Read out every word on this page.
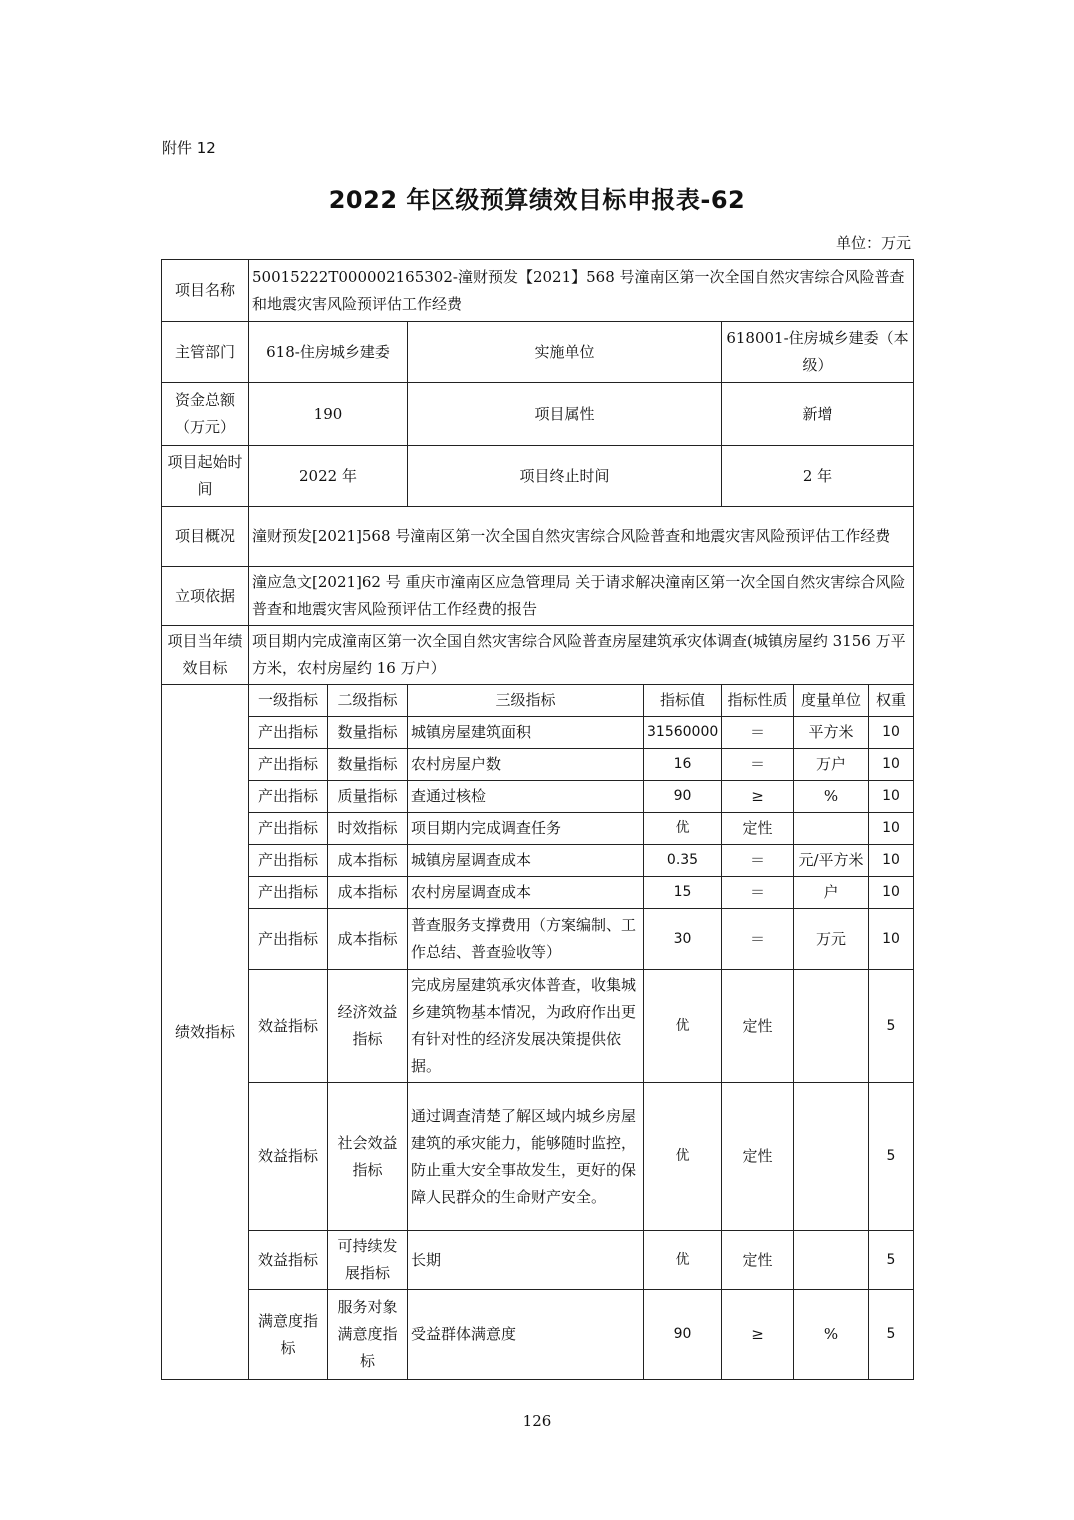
附件 12
2022 年区级预算绩效目标申报表-62
单位：万元
项目名称	50015222T000002165302-潼财预发【2021】568 号潼南区第一次全国自然灾害综合风险普查和地震灾害风险预评估工作经费						
主管部门	618-住房城乡建委		实施单位		618001-住房城乡建委（本级）		
资金总额（万元）	190		项目属性		新增		
项目起始时间	2022 年		项目终止时间		2 年		
项目概况	潼财预发[2021]568 号潼南区第一次全国自然灾害综合风险普查和地震灾害风险预评估工作经费						
立项依据	潼应急文[2021]62 号 重庆市潼南区应急管理局 关于请求解决潼南区第一次全国自然灾害综合风险普查和地震灾害风险预评估工作经费的报告						
项目当年绩效目标	项目期内完成潼南区第一次全国自然灾害综合风险普查房屋建筑承灾体调查(城镇房屋约 3156 万平方米，农村房屋约 16 万户）						
绩效指标	一级指标	二级指标	三级指标	指标值	指标性质	度量单位	权重
	产出指标	数量指标	城镇房屋建筑面积	31560000	＝	平方米	10
	产出指标	数量指标	农村房屋户数	16	＝	万户	10
	产出指标	质量指标	查通过核检	90	≥	%	10
	产出指标	时效指标	项目期内完成调查任务	优	定性		10
	产出指标	成本指标	城镇房屋调查成本	0.35	＝	元/平方米	10
	产出指标	成本指标	农村房屋调查成本	15	＝	户	10
	产出指标	成本指标	普查服务支撑费用（方案编制、工作总结、普查验收等）	30	＝	万元	10
	效益指标	经济效益指标	完成房屋建筑承灾体普查，收集城乡建筑物基本情况，为政府作出更有针对性的经济发展决策提供依据。	优	定性		5
	效益指标	社会效益指标	通过调查清楚了解区域内城乡房屋建筑的承灾能力，能够随时监控，防止重大安全事故发生，更好的保障人民群众的生命财产安全。	优	定性		5
	效益指标	可持续发展指标	长期	优	定性		5
	满意度指标	服务对象满意度指标	受益群体满意度	90	≥	%	5
126
